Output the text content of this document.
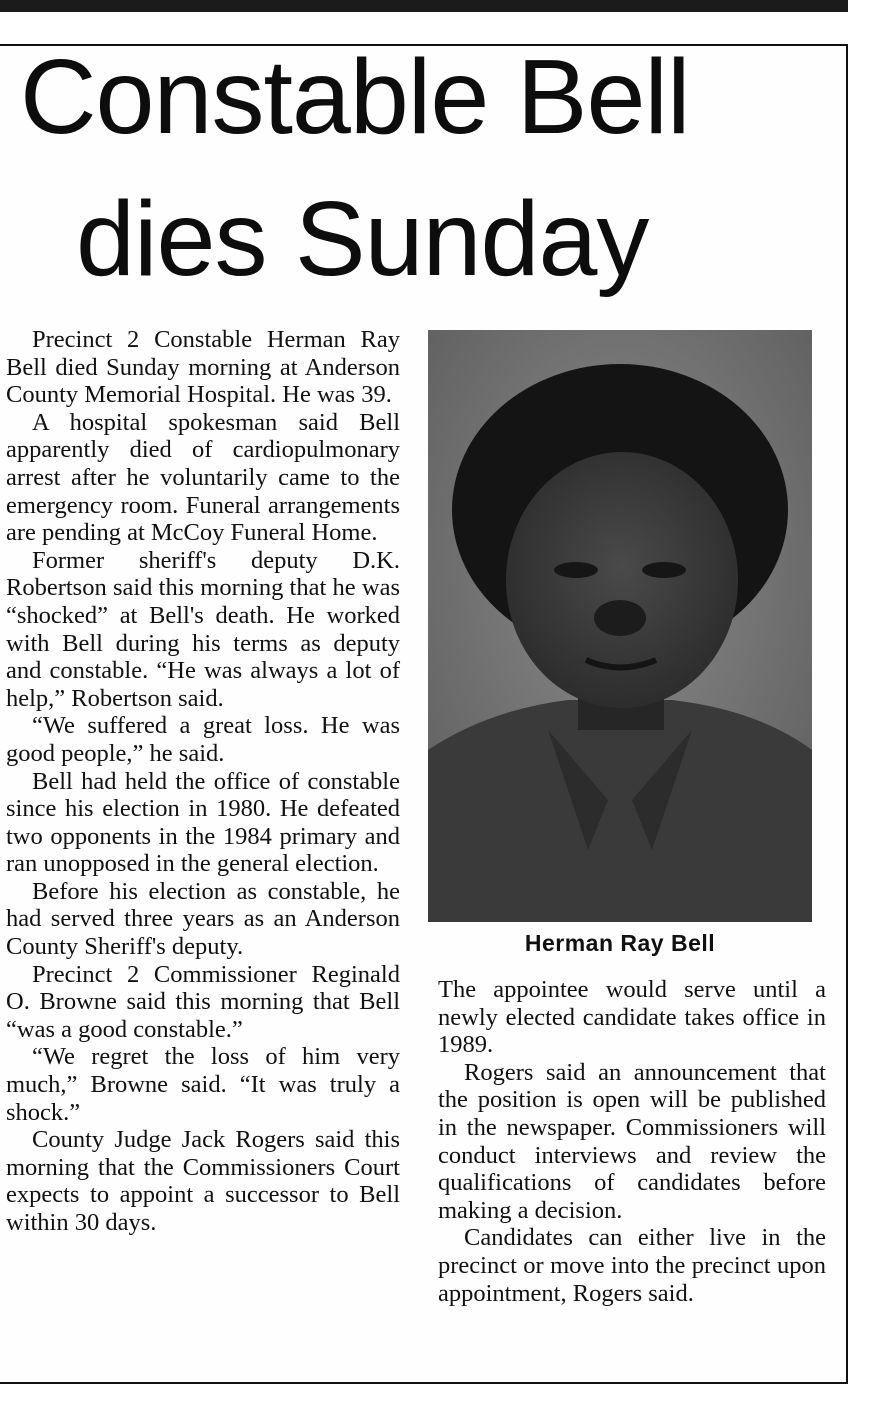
Constable Bell
dies Sunday

Precinct 2 Constable Herman Ray Bell died Sunday morning at Anderson County Memorial Hospital. He was 39.

A hospital spokesman said Bell apparently died of cardiopulmonary arrest after he voluntarily came to the emergency room. Funeral arrangements are pending at McCoy Funeral Home.

Former sheriff's deputy D.K. Robertson said this morning that he was “shocked” at Bell's death. He worked with Bell during his terms as deputy and constable. “He was always a lot of help,” Robertson said.

“We suffered a great loss. He was good people,” he said.

Bell had held the office of constable since his election in 1980. He defeated two opponents in the 1984 primary and ran unopposed in the general election.

Before his election as constable, he had served three years as an Anderson County Sheriff's deputy.

Precinct 2 Commissioner Reginald O. Browne said this morning that Bell “was a good constable.”

“We regret the loss of him very much,” Browne said. “It was truly a shock.”

County Judge Jack Rogers said this morning that the Commissioners Court expects to appoint a successor to Bell within 30 days.

Herman Ray Bell

The appointee would serve until a newly elected candidate takes office in 1989.

Rogers said an announcement that the position is open will be published in the newspaper. Commissioners will conduct interviews and review the qualifications of candidates before making a decision.

Candidates can either live in the precinct or move into the precinct upon appointment, Rogers said.
